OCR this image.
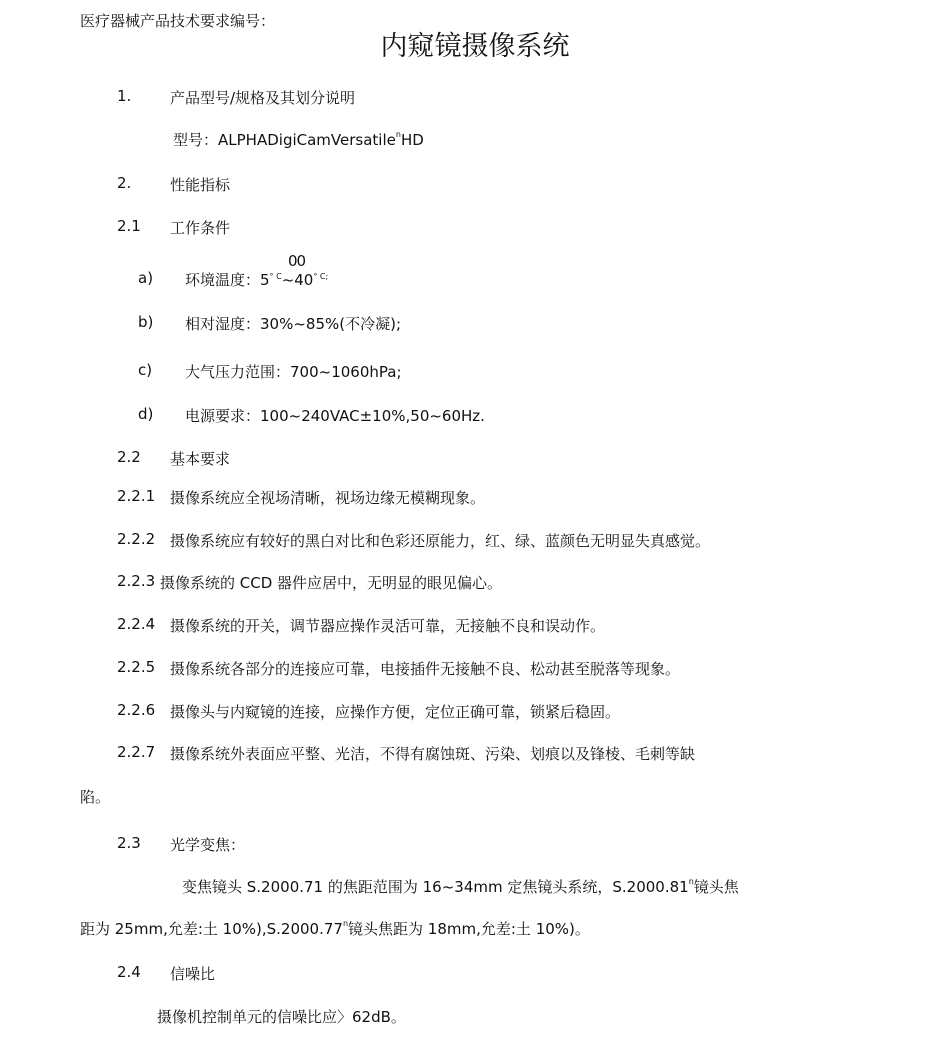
医疗器械产品技术要求编号：
内窥镜摄像系统
1.	产品型号/规格及其划分说明
型号：ALPHADigiCamVersatile$^n$HD
2.	性能指标
2.1 工作条件
00
a) 环境温度：$5^{^\circ C}\sim 40^{^\circ C;}$
b) 相对湿度：30%~85%(不冷凝);
c) 大气压力范围：700~1060hPa;
d) 电源要求：100~240VAC±10%,50~60Hz.
2.2 基本要求
2.2.1 摄像系统应全视场清晰，视场边缘无模糊现象。
2.2.2 摄像系统应有较好的黑白对比和色彩还原能力，红、绿、蓝颜色无明显失真感觉。
2.2.3 摄像系统的 CCD 器件应居中，无明显的眼见偏心。
2.2.4 摄像系统的开关，调节器应操作灵活可靠，无接触不良和误动作。
2.2.5 摄像系统各部分的连接应可靠，电接插件无接触不良、松动甚至脱落等现象。
2.2.6 摄像头与内窥镜的连接，应操作方便，定位正确可靠，锁紧后稳固。
2.2.7 摄像系统外表面应平整、光洁，不得有腐蚀斑、污染、划痕以及锋棱、毛刺等缺
陷。
2.3 光学变焦：
变焦镜头 S.2000.71 的焦距范围为 16~34mm 定焦镜头系统，S.2000.81$^n$镜头焦
距为 25mm,允差:土 10%),S.2000.77$^n$镜头焦距为 18mm,允差:土 10%)。
2.4 信噪比
摄像机控制单元的信噪比应〉62dB。
